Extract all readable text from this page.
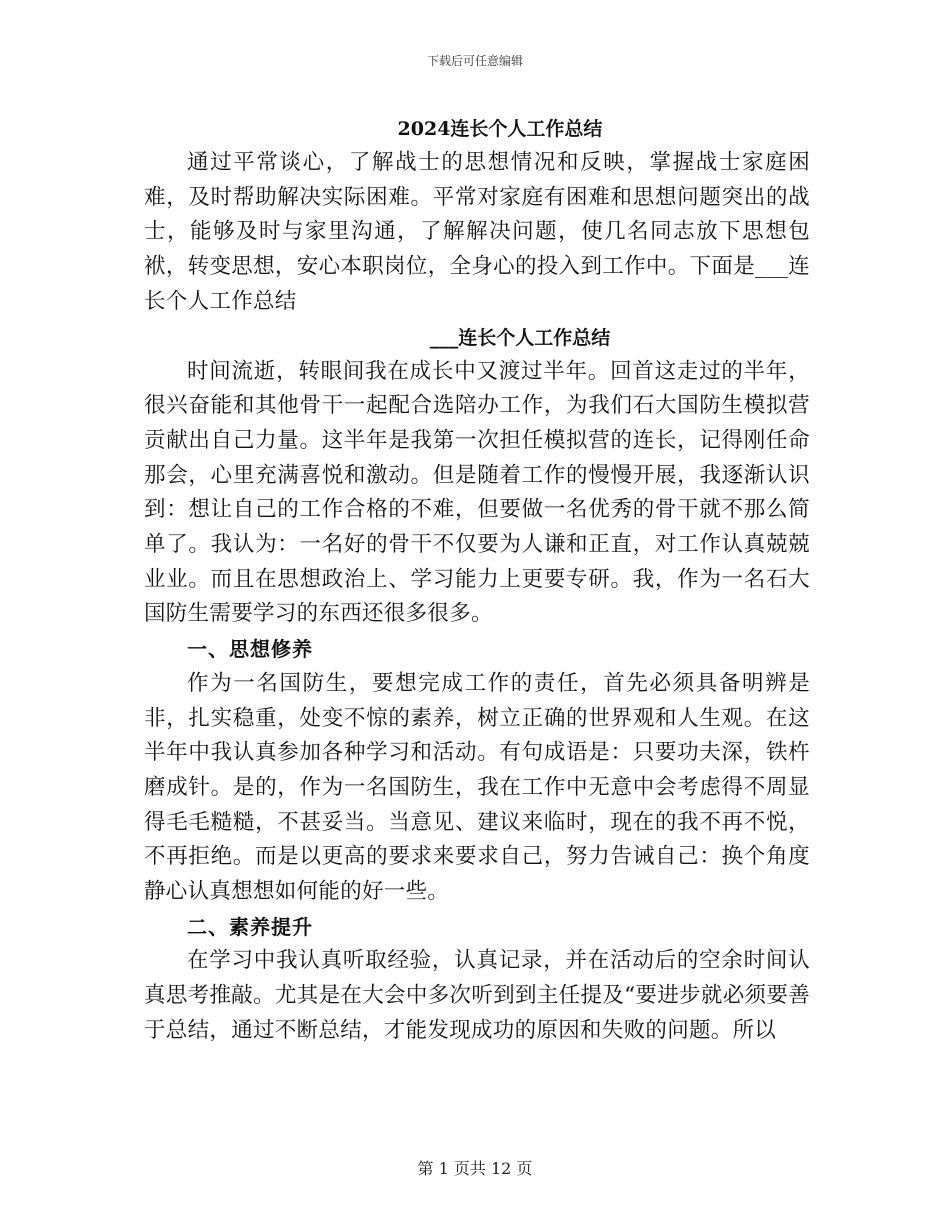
下载后可任意编辑

2024连长个人工作总结

通过平常谈心，了解战士的思想情况和反映，掌握战士家庭困难，及时帮助解决实际困难。平常对家庭有困难和思想问题突出的战士，能够及时与家里沟通，了解解决问题，使几名同志放下思想包袱，转变思想，安心本职岗位，全身心的投入到工作中。下面是___连长个人工作总结

___连长个人工作总结

时间流逝，转眼间我在成长中又渡过半年。回首这走过的半年，很兴奋能和其他骨干一起配合选陪办工作，为我们石大国防生模拟营贡献出自己力量。这半年是我第一次担任模拟营的连长，记得刚任命那会，心里充满喜悦和激动。但是随着工作的慢慢开展，我逐渐认识到：想让自己的工作合格的不难，但要做一名优秀的骨干就不那么简单了。我认为：一名好的骨干不仅要为人谦和正直，对工作认真兢兢业业。而且在思想政治上、学习能力上更要专研。我，作为一名石大国防生需要学习的东西还很多很多。

一、思想修养

作为一名国防生，要想完成工作的责任，首先必须具备明辨是非，扎实稳重，处变不惊的素养，树立正确的世界观和人生观。在这半年中我认真参加各种学习和活动。有句成语是：只要功夫深，铁杵磨成针。是的，作为一名国防生，我在工作中无意中会考虑得不周显得毛毛糙糙，不甚妥当。当意见、建议来临时，现在的我不再不悦，不再拒绝。而是以更高的要求来要求自己，努力告诫自己：换个角度静心认真想想如何能的好一些。

二、素养提升

在学习中我认真听取经验，认真记录，并在活动后的空余时间认真思考推敲。尤其是在大会中多次听到到主任提及“要进步就必须要善于总结，通过不断总结，才能发现成功的原因和失败的问题。所以

第 1 页共 12 页
